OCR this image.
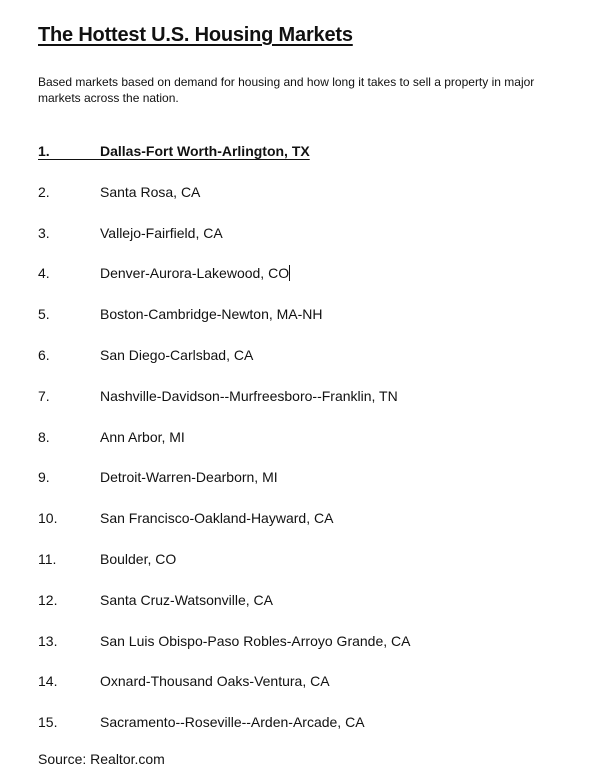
The Hottest U.S. Housing Markets

Based markets based on demand for housing and how long it takes to sell a property in major markets across the nation.

1.	Dallas-Fort Worth-Arlington, TX
2.	Santa Rosa, CA
3.	Vallejo-Fairfield, CA
4.	Denver-Aurora-Lakewood, CO
5.	Boston-Cambridge-Newton, MA-NH
6.	San Diego-Carlsbad, CA
7.	Nashville-Davidson--Murfreesboro--Franklin, TN
8.	Ann Arbor, MI
9.	Detroit-Warren-Dearborn, MI
10.	San Francisco-Oakland-Hayward, CA
11.	Boulder, CO
12.	Santa Cruz-Watsonville, CA
13.	San Luis Obispo-Paso Robles-Arroyo Grande, CA
14.	Oxnard-Thousand Oaks-Ventura, CA
15.	Sacramento--Roseville--Arden-Arcade, CA

Source: Realtor.com
